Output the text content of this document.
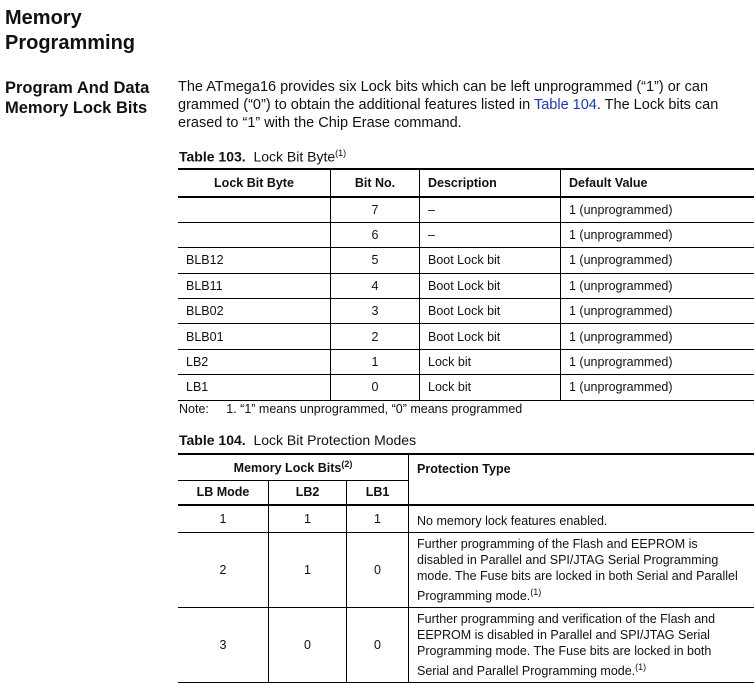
Memory
Programming
Program And Data
Memory Lock Bits
The ATmega16 provides six Lock bits which can be left unprogrammed (“1”) or can
grammed (“0”) to obtain the additional features listed in Table 104. The Lock bits can
erased to “1” with the Chip Erase command.
Table 103. Lock Bit Byte$^{(1)}$
Lock Bit Byte	Bit No.	Description	Default Value
	7	–	1 (unprogrammed)
	6	–	1 (unprogrammed)
BLB12	5	Boot Lock bit	1 (unprogrammed)
BLB11	4	Boot Lock bit	1 (unprogrammed)
BLB02	3	Boot Lock bit	1 (unprogrammed)
BLB01	2	Boot Lock bit	1 (unprogrammed)
LB2	1	Lock bit	1 (unprogrammed)
LB1	0	Lock bit	1 (unprogrammed)
Note: 1. “1” means unprogrammed, “0” means programmed
Table 104. Lock Bit Protection Modes
Memory Lock Bits$^{(2)}$			Protection Type

LB Mode	LB2	LB1	
1	1	1	No memory lock features enabled.
2	1	0	Further programming of the Flash and EEPROM is disabled in Parallel and SPI/JTAG Serial Programming mode. The Fuse bits are locked in both Serial and Parallel Programming mode.$^{(1)}$
3	0	0	Further programming and verification of the Flash and EEPROM is disabled in Parallel and SPI/JTAG Serial Programming mode. The Fuse bits are locked in both Serial and Parallel Programming mode.$^{(1)}$
